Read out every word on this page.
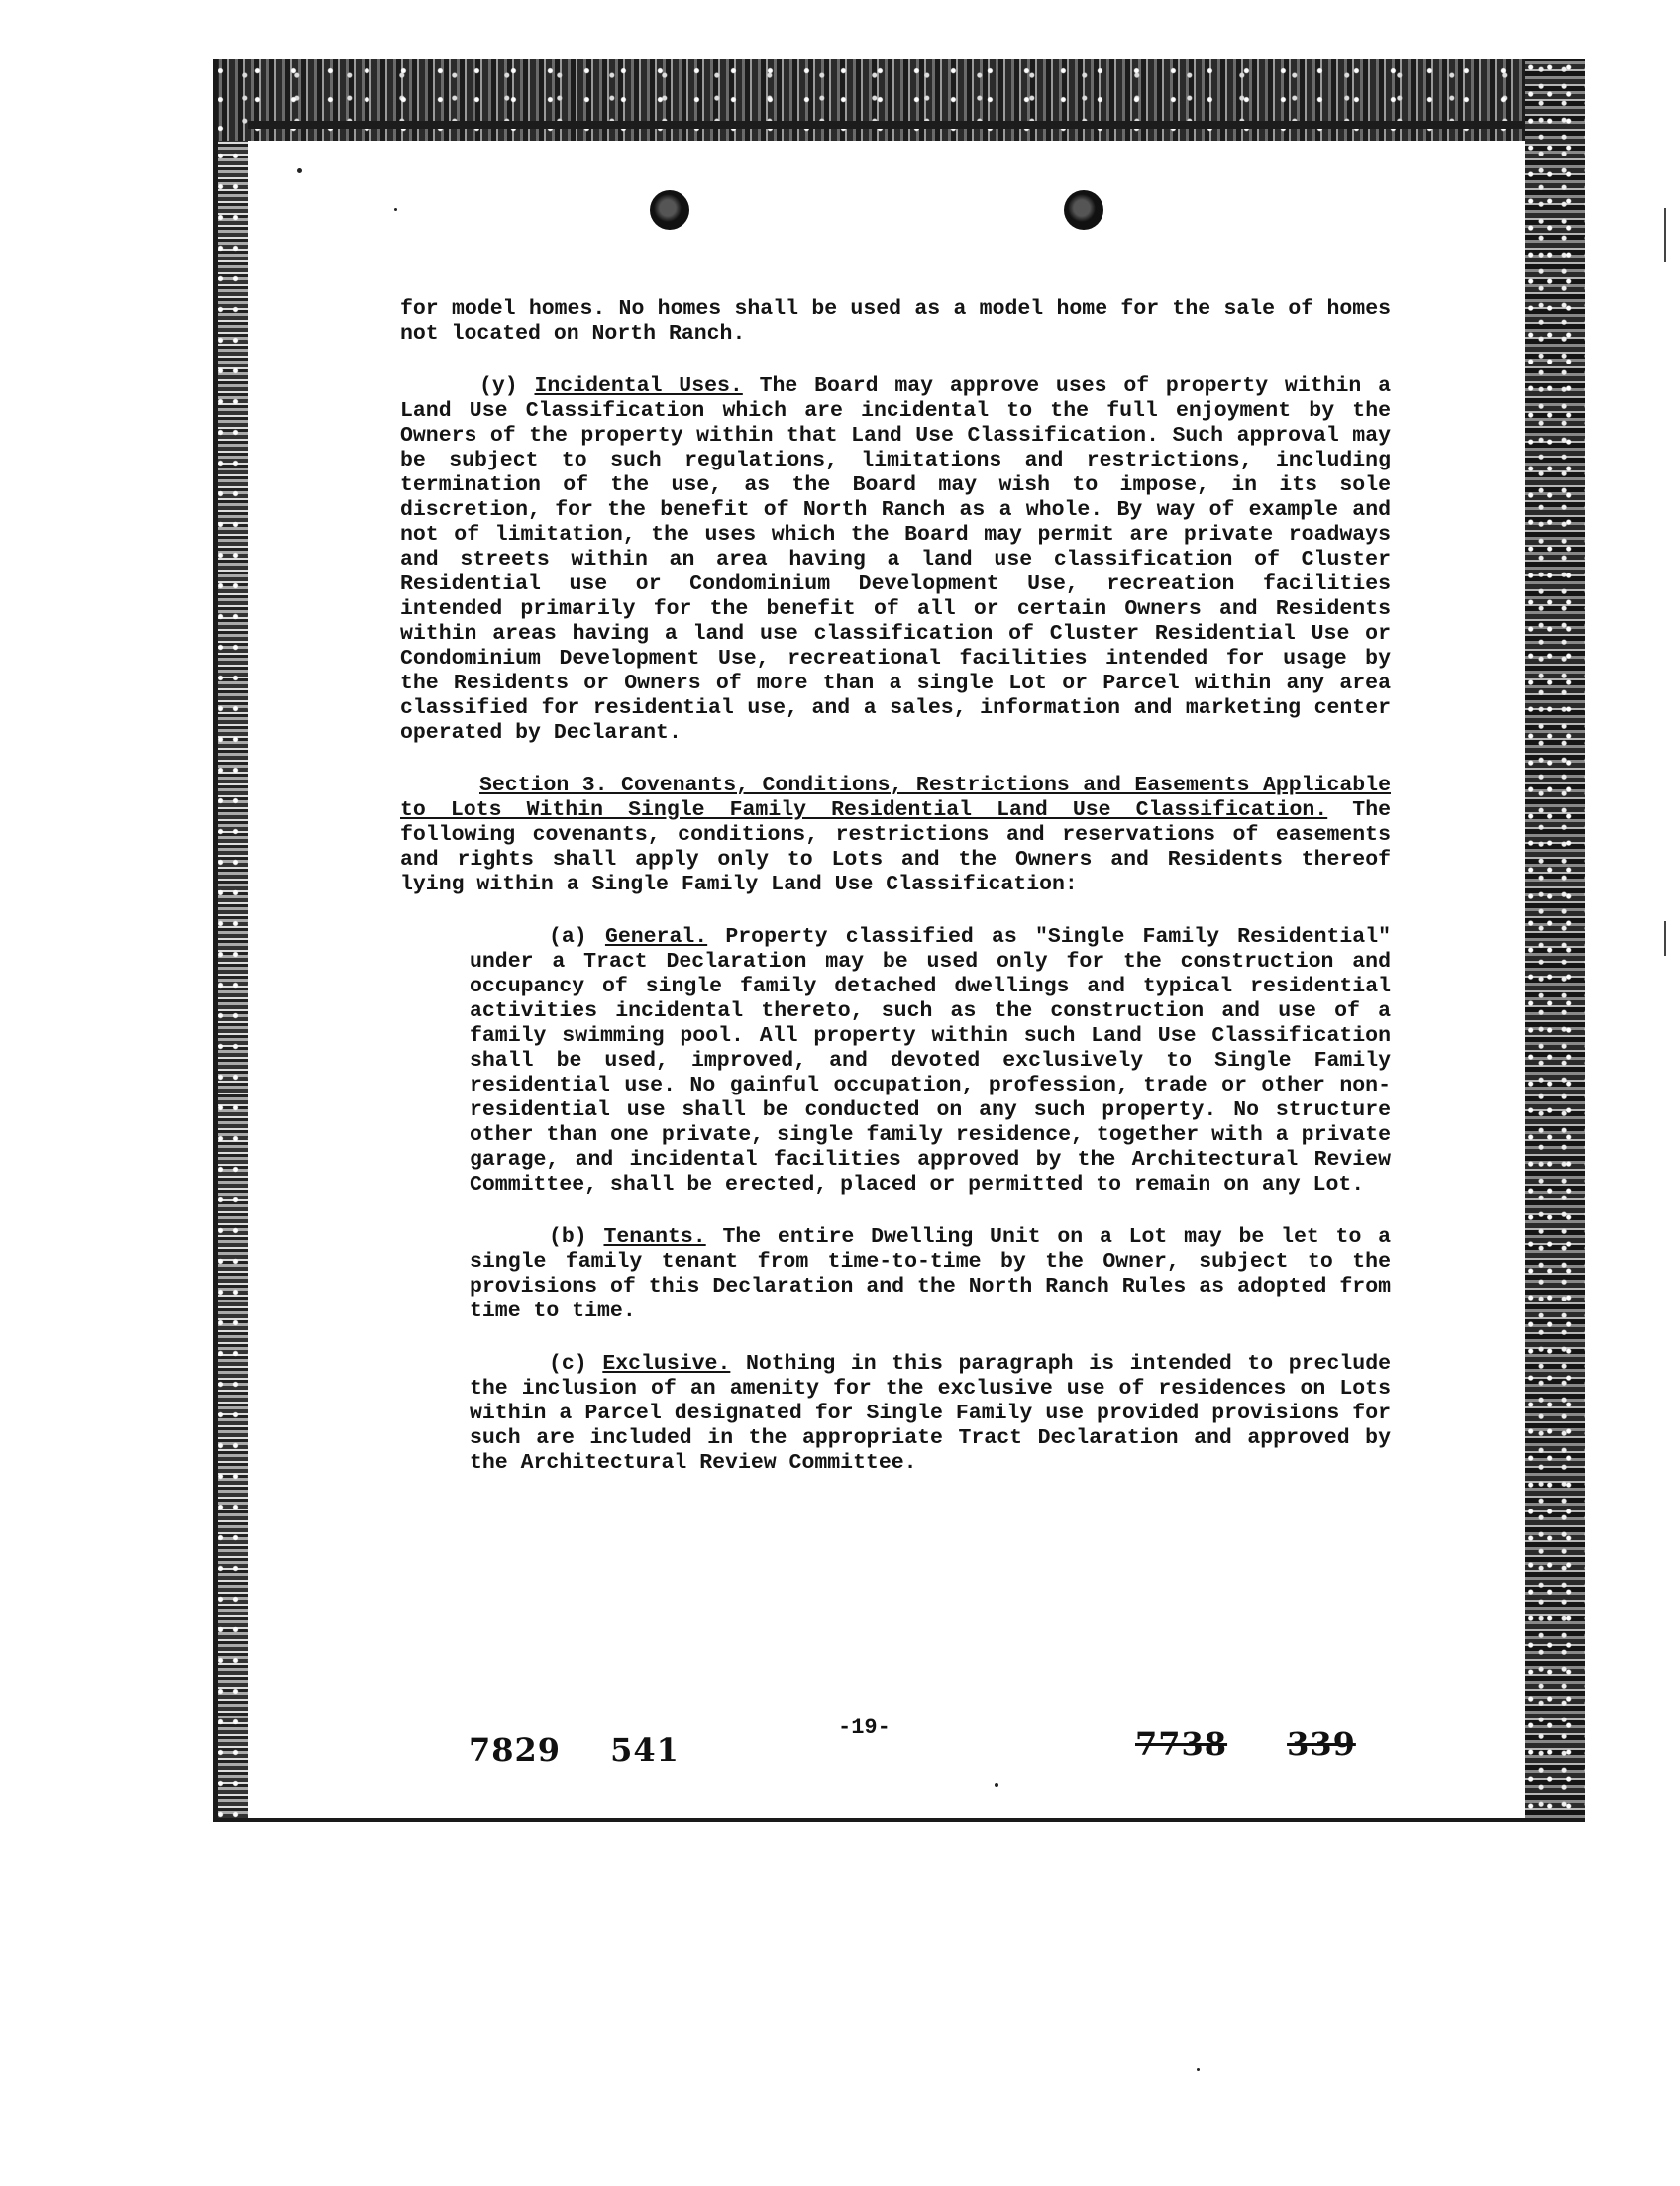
for model homes. No homes shall be used as a model home for the sale of homes not located on North Ranch.

(y) Incidental Uses. The Board may approve uses of property within a Land Use Classification which are incidental to the full enjoyment by the Owners of the property within that Land Use Classification. Such approval may be subject to such regulations, limitations and restrictions, including termination of the use, as the Board may wish to impose, in its sole discretion, for the benefit of North Ranch as a whole. By way of example and not of limitation, the uses which the Board may permit are private roadways and streets within an area having a land use classification of Cluster Residential use or Condominium Development Use, recreation facilities intended primarily for the benefit of all or certain Owners and Residents within areas having a land use classification of Cluster Residential Use or Condominium Development Use, recreational facilities intended for usage by the Residents or Owners of more than a single Lot or Parcel within any area classified for residential use, and a sales, information and marketing center operated by Declarant.

Section 3. Covenants, Conditions, Restrictions and Easements Applicable to Lots Within Single Family Residential Land Use Classification. The following covenants, conditions, restrictions and reservations of easements and rights shall apply only to Lots and the Owners and Residents thereof lying within a Single Family Land Use Classification:

(a) General. Property classified as "Single Family Residential" under a Tract Declaration may be used only for the construction and occupancy of single family detached dwellings and typical residential activities incidental thereto, such as the construction and use of a family swimming pool. All property within such Land Use Classification shall be used, improved, and devoted exclusively to Single Family residential use. No gainful occupation, profession, trade or other non-residential use shall be conducted on any such property. No structure other than one private, single family residence, together with a private garage, and incidental facilities approved by the Architectural Review Committee, shall be erected, placed or permitted to remain on any Lot.

(b) Tenants. The entire Dwelling Unit on a Lot may be let to a single family tenant from time-to-time by the Owner, subject to the provisions of this Declaration and the North Ranch Rules as adopted from time to time.

(c) Exclusive. Nothing in this paragraph is intended to preclude the inclusion of an amenity for the exclusive use of residences on Lots within a Parcel designated for Single Family use provided provisions for such are included in the appropriate Tract Declaration and approved by the Architectural Review Committee.

7829 541
-19-	7738 339
